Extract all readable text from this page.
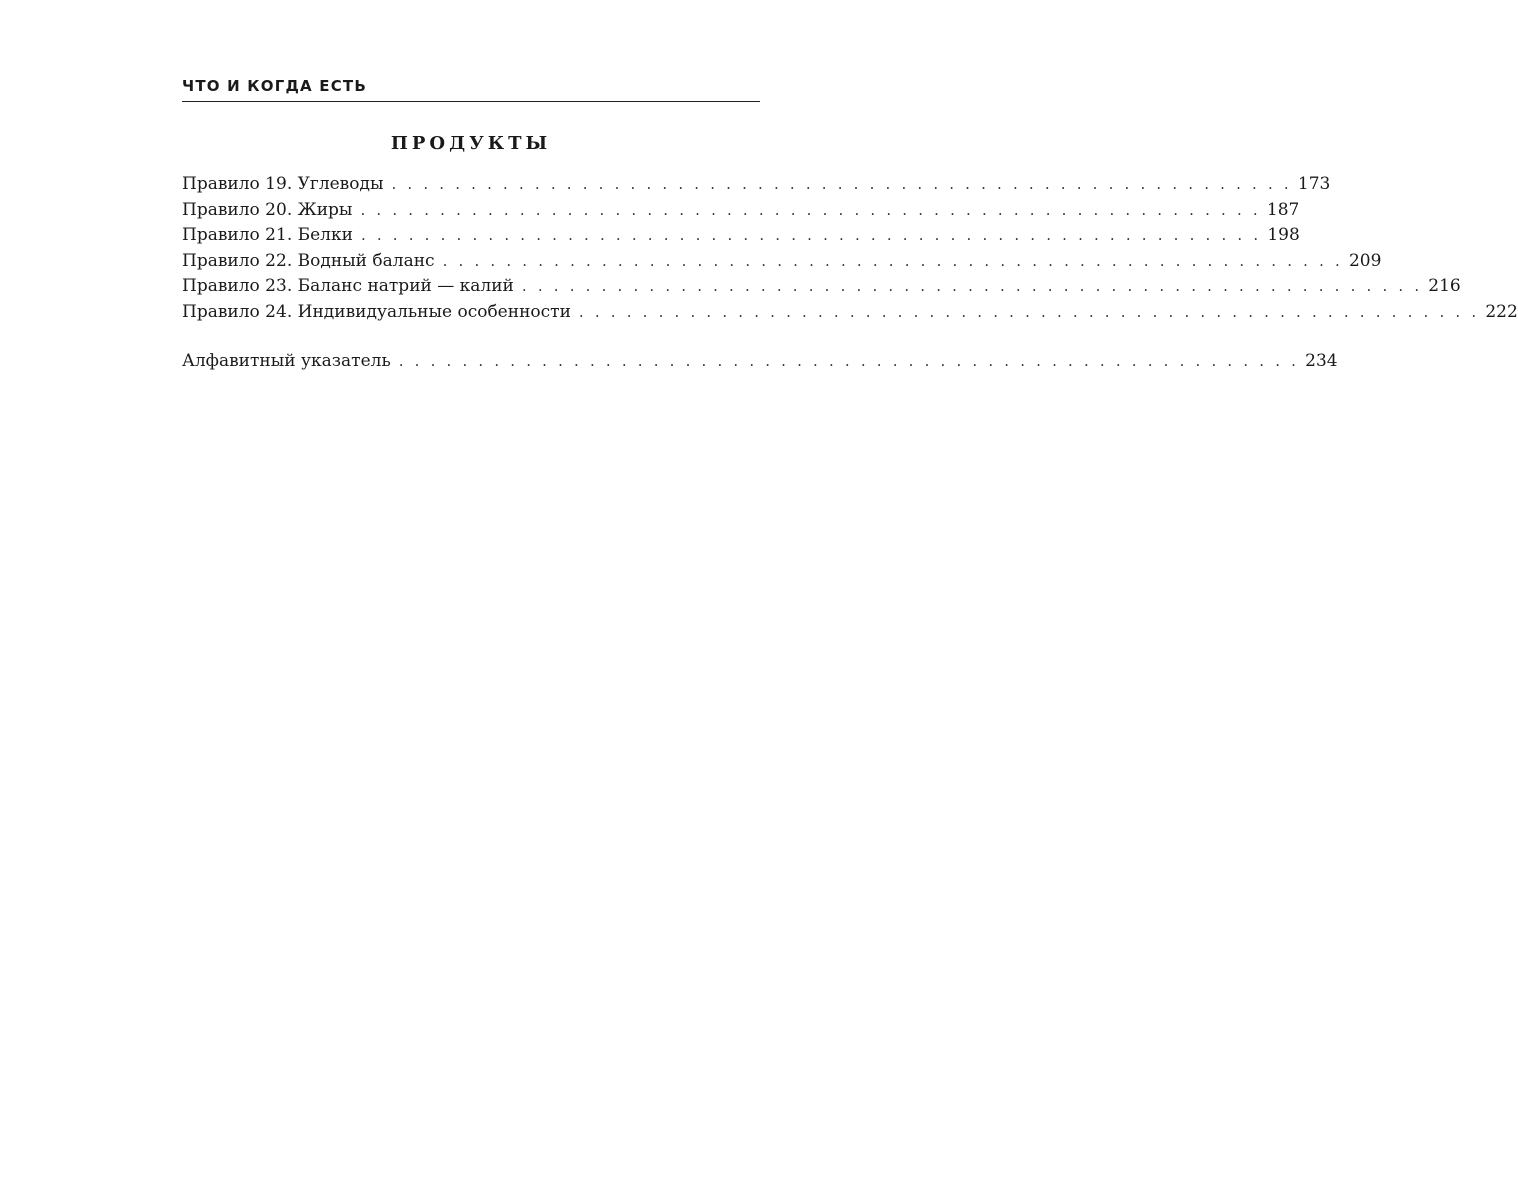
ЧТО И КОГДА ЕСТЬ
ПРОДУКТЫ
Правило 19. Углеводы . . . . . . . . . . . . . . . . . . . . . . . . . . . . . . . . . . . . . . . . . . . . . . . . . . . . . . . . . 173
Правило 20. Жиры . . . . . . . . . . . . . . . . . . . . . . . . . . . . . . . . . . . . . . . . . . . . . . . . . . . . . . . . . 187
Правило 21. Белки . . . . . . . . . . . . . . . . . . . . . . . . . . . . . . . . . . . . . . . . . . . . . . . . . . . . . . . . . 198
Правило 22. Водный баланс . . . . . . . . . . . . . . . . . . . . . . . . . . . . . . . . . . . . . . . . . . . . . . . . . . . . . . . . . 209
Правило 23. Баланс натрий — калий . . . . . . . . . . . . . . . . . . . . . . . . . . . . . . . . . . . . . . . . . . . . . . . . . . . . . . . . . 216
Правило 24. Индивидуальные особенности . . . . . . . . . . . . . . . . . . . . . . . . . . . . . . . . . . . . . . . . . . . . . . . . . . . . . . . . . 222
Алфавитный указатель . . . . . . . . . . . . . . . . . . . . . . . . . . . . . . . . . . . . . . . . . . . . . . . . . . . . . . . . . 234
